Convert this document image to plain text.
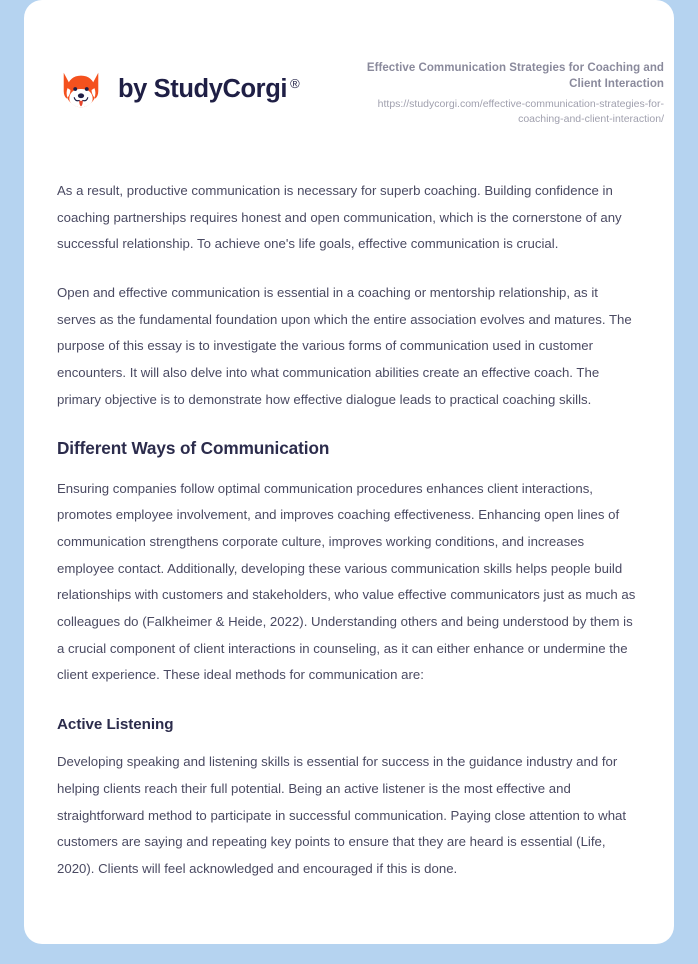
by StudyCorgi ®
Effective Communication Strategies for Coaching and Client Interaction
https://studycorgi.com/effective-communication-strategies-for-coaching-and-client-interaction/

As a result, productive communication is necessary for superb coaching. Building confidence in coaching partnerships requires honest and open communication, which is the cornerstone of any successful relationship. To achieve one's life goals, effective communication is crucial.

Open and effective communication is essential in a coaching or mentorship relationship, as it serves as the fundamental foundation upon which the entire association evolves and matures. The purpose of this essay is to investigate the various forms of communication used in customer encounters. It will also delve into what communication abilities create an effective coach. The primary objective is to demonstrate how effective dialogue leads to practical coaching skills.

Different Ways of Communication

Ensuring companies follow optimal communication procedures enhances client interactions, promotes employee involvement, and improves coaching effectiveness. Enhancing open lines of communication strengthens corporate culture, improves working conditions, and increases employee contact. Additionally, developing these various communication skills helps people build relationships with customers and stakeholders, who value effective communicators just as much as colleagues do (Falkheimer & Heide, 2022). Understanding others and being understood by them is a crucial component of client interactions in counseling, as it can either enhance or undermine the client experience. These ideal methods for communication are:

Active Listening

Developing speaking and listening skills is essential for success in the guidance industry and for helping clients reach their full potential. Being an active listener is the most effective and straightforward method to participate in successful communication. Paying close attention to what customers are saying and repeating key points to ensure that they are heard is essential (Life, 2020). Clients will feel acknowledged and encouraged if this is done.
